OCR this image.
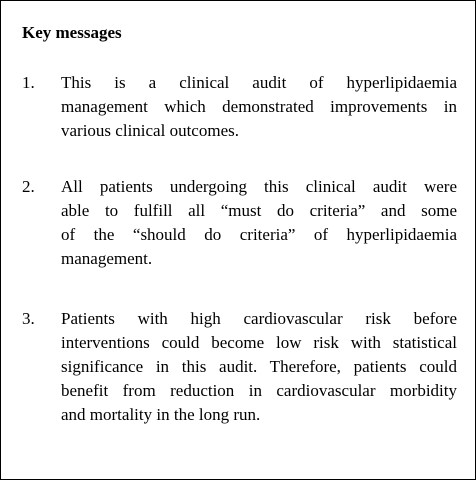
Key messages
1. This is a clinical audit of hyperlipidaemia
management which demonstrated improvements in
various clinical outcomes.
2. All patients undergoing this clinical audit were
able to fulfill all “must do criteria” and some
of the “should do criteria” of hyperlipidaemia
management.
3. Patients with high cardiovascular risk before
interventions could become low risk with statistical
significance in this audit. Therefore, patients could
benefit from reduction in cardiovascular morbidity
and mortality in the long run.
